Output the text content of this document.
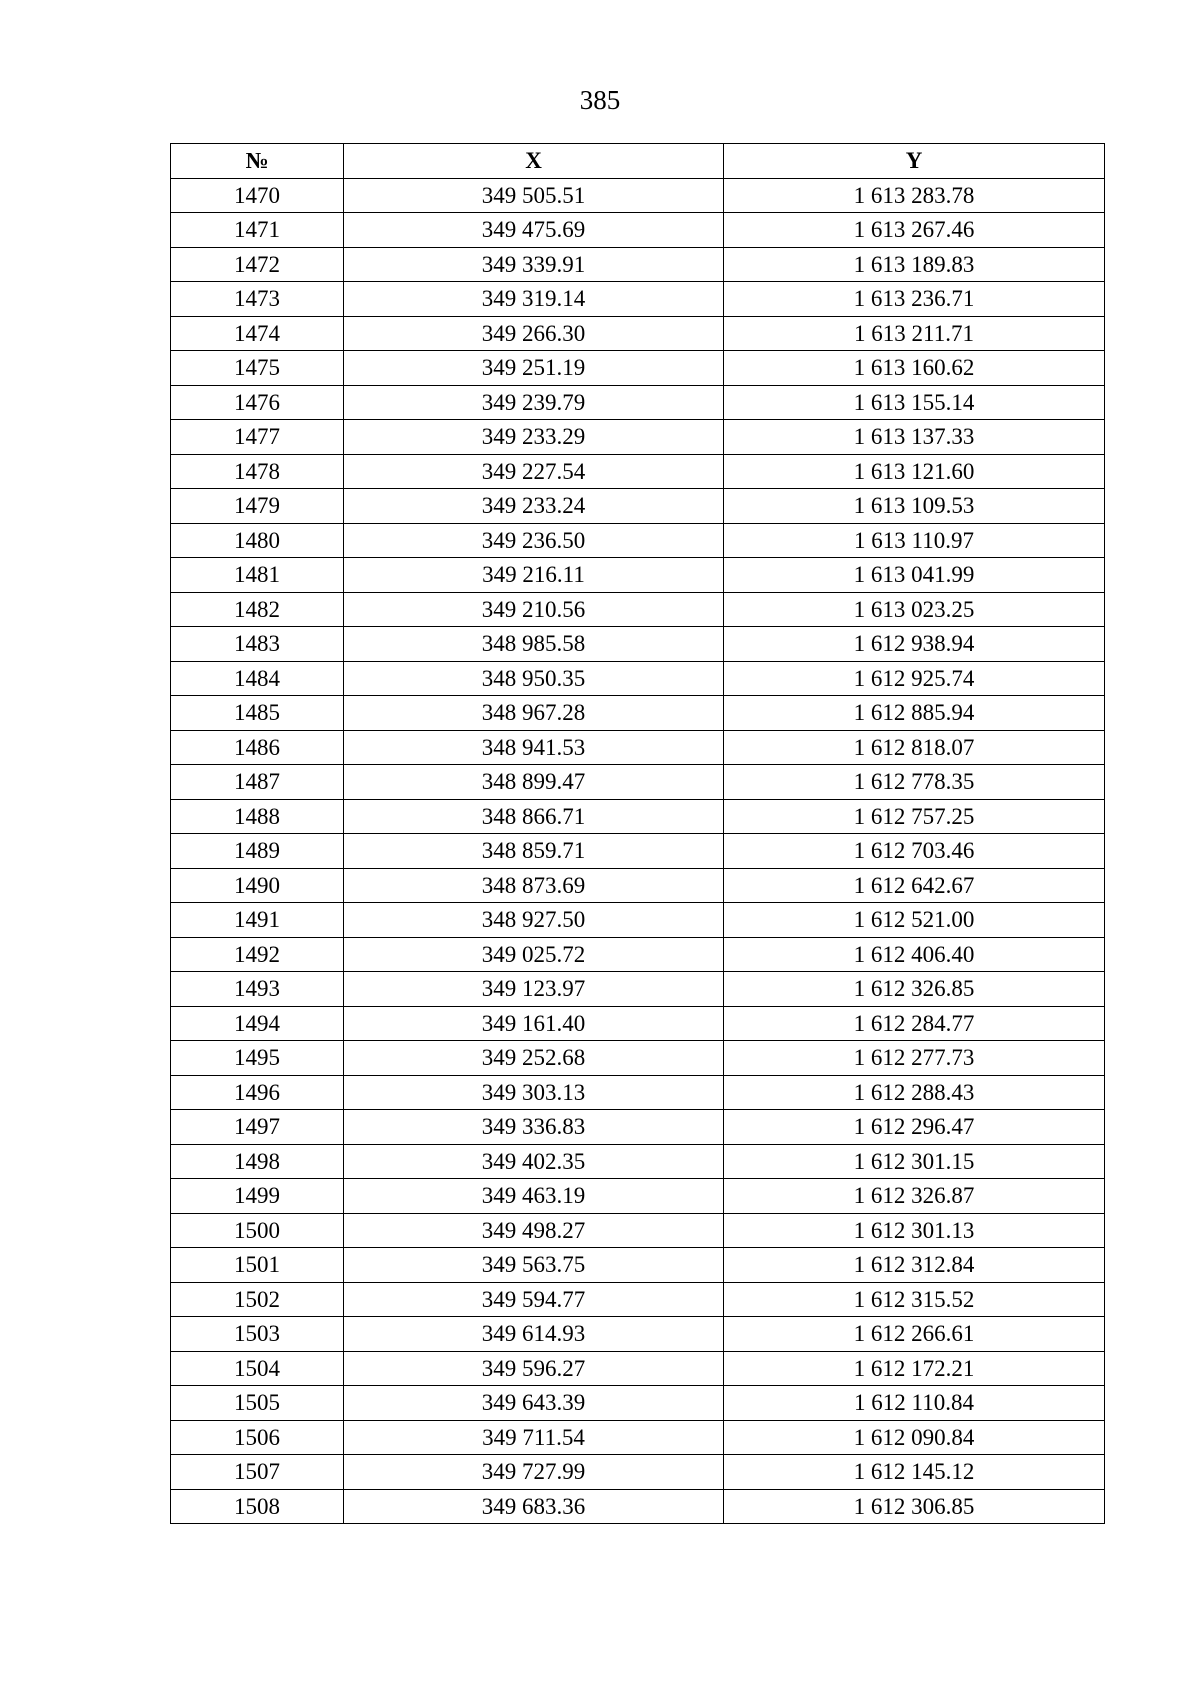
385
№	X	Y
1470	349 505.51	1 613 283.78
1471	349 475.69	1 613 267.46
1472	349 339.91	1 613 189.83
1473	349 319.14	1 613 236.71
1474	349 266.30	1 613 211.71
1475	349 251.19	1 613 160.62
1476	349 239.79	1 613 155.14
1477	349 233.29	1 613 137.33
1478	349 227.54	1 613 121.60
1479	349 233.24	1 613 109.53
1480	349 236.50	1 613 110.97
1481	349 216.11	1 613 041.99
1482	349 210.56	1 613 023.25
1483	348 985.58	1 612 938.94
1484	348 950.35	1 612 925.74
1485	348 967.28	1 612 885.94
1486	348 941.53	1 612 818.07
1487	348 899.47	1 612 778.35
1488	348 866.71	1 612 757.25
1489	348 859.71	1 612 703.46
1490	348 873.69	1 612 642.67
1491	348 927.50	1 612 521.00
1492	349 025.72	1 612 406.40
1493	349 123.97	1 612 326.85
1494	349 161.40	1 612 284.77
1495	349 252.68	1 612 277.73
1496	349 303.13	1 612 288.43
1497	349 336.83	1 612 296.47
1498	349 402.35	1 612 301.15
1499	349 463.19	1 612 326.87
1500	349 498.27	1 612 301.13
1501	349 563.75	1 612 312.84
1502	349 594.77	1 612 315.52
1503	349 614.93	1 612 266.61
1504	349 596.27	1 612 172.21
1505	349 643.39	1 612 110.84
1506	349 711.54	1 612 090.84
1507	349 727.99	1 612 145.12
1508	349 683.36	1 612 306.85
